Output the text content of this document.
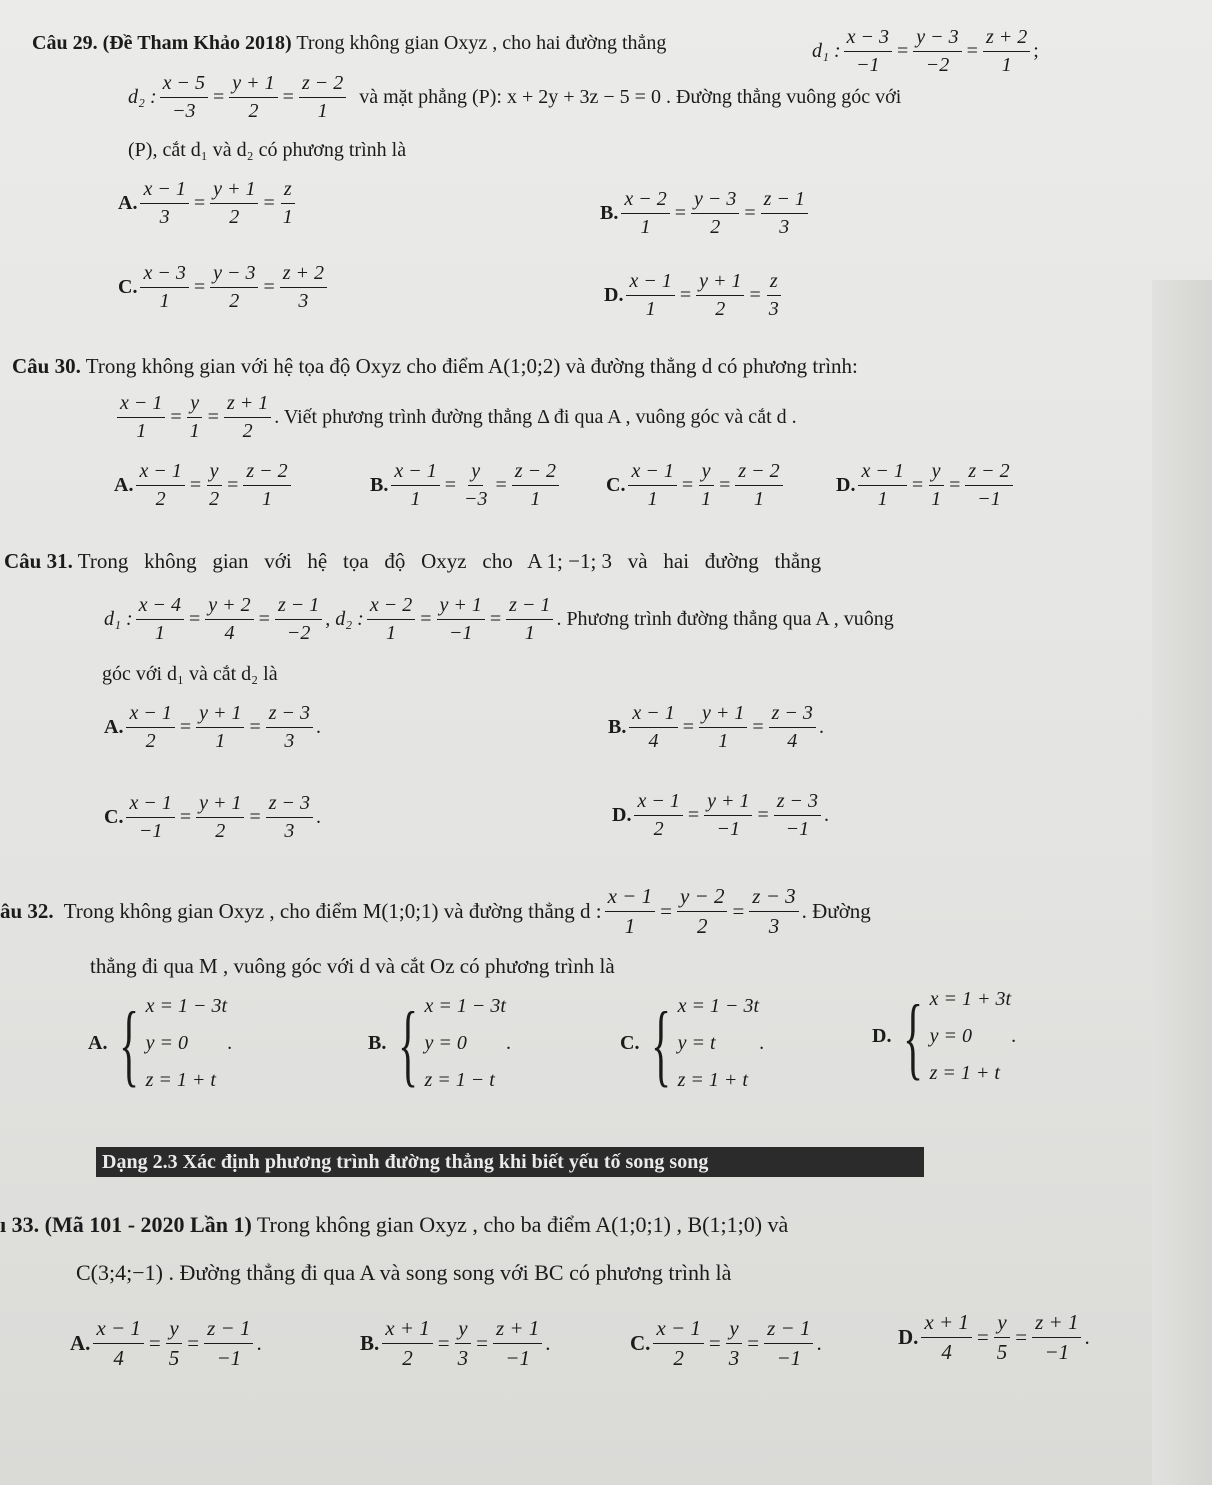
Câu 29. (Đề Tham Khảo 2018) Trong không gian Oxyz , cho hai đường thẳng	d₁ : $\frac{x - 3}{-1} = \frac{y - 3}{-2} = \frac{z + 2}{1}$ ;
d₂ : $\frac{x - 5}{-3} = \frac{y + 1}{2} = \frac{z - 2}{1}$ và mặt phẳng (P): x + 2y + 3z − 5 = 0 . Đường thẳng vuông góc với
(P), cắt d₁ và d₂ có phương trình là
A. $\frac{x - 1}{3} = \frac{y + 1}{2} = \frac{z}{1}$	B. $\frac{x - 2}{1} = \frac{y - 3}{2} = \frac{z - 1}{3}$
C. $\frac{x - 3}{1} = \frac{y - 3}{2} = \frac{z + 2}{3}$	D. $\frac{x - 1}{1} = \frac{y + 1}{2} = \frac{z}{3}$
Câu 30. Trong không gian với hệ tọa độ Oxyz cho điểm A(1;0;2) và đường thẳng d có phương trình:
$\frac{x - 1}{1} = \frac{y}{1} = \frac{z + 1}{2}$ . Viết phương trình đường thẳng Δ đi qua A , vuông góc và cắt d .
A. $\frac{x - 1}{2} = \frac{y}{2} = \frac{z - 2}{1}$	B. $\frac{x - 1}{1} = \frac{y}{-3} = \frac{z - 2}{1} C$. $\frac{x - 1}{1} = \frac{y}{1} = \frac{z - 2}{1}$	D. $\frac{x - 1}{1} = \frac{y}{1} = \frac{z - 2}{-1}$
Câu 31. Trong   không   gian   với   hệ   tọa   độ   Oxyz   cho   A 1; −1; 3   và   hai   đường   thẳng
d₁ : $\frac{x - 4}{1} = \frac{y + 2}{4} = \frac{z - 1}{-2}$ , d₂ : $\frac{x - 2}{1} = \frac{y + 1}{-1} = \frac{z - 1}{1}$ . Phương trình đường thẳng qua A , vuông
góc với d₁ và cắt d₂ là
A. $\frac{x - 1}{2} = \frac{y + 1}{1} = \frac{z - 3}{3}$ .	B. $\frac{x - 1}{4} = \frac{y + 1}{1} = \frac{z - 3}{4}$ .
C. $\frac{x - 1}{-1} = \frac{y + 1}{2} = \frac{z - 3}{3}$ .	D. $\frac{x - 1}{2} = \frac{y + 1}{-1} = \frac{z - 3}{-1}$ .
âu 32. Trong không gian Oxyz , cho điểm M(1;0;1) và đường thẳng d : $\frac{x - 1}{1} = \frac{y - 2}{2} = \frac{z - 3}{3}$ . Đường
thẳng đi qua M , vuông góc với d và cắt Oz có phương trình là
A. { x = 1 − 3t
y = 0
z = 1 + t
.	B. { x = 1 − 3t
y = 0
z = 1 − t
.	C. { x = 1 − 3t
y = t
z = 1 + t
.	D. { x = 1 + 3t
y = 0
z = 1 + t
.
Dạng 2.3 Xác định phương trình đường thẳng khi biết yếu tố song song
ı 33. (Mã 101 - 2020 Lần 1) Trong không gian Oxyz , cho ba điểm A(1;0;1) , B(1;1;0) và
C(3;4;−1) . Đường thẳng đi qua A và song song với BC có phương trình là
A. $\frac{x - 1}{4} = \frac{y}{5} = \frac{z - 1}{-1}$ .	B. $\frac{x + 1}{2} = \frac{y}{3} = \frac{z + 1}{-1}$ .	C. $\frac{x - 1}{2} = \frac{y}{3} = \frac{z - 1}{-1}$ .	D. $\frac{x + 1}{4} = \frac{y}{5} = \frac{z + 1}{-1}$ .
